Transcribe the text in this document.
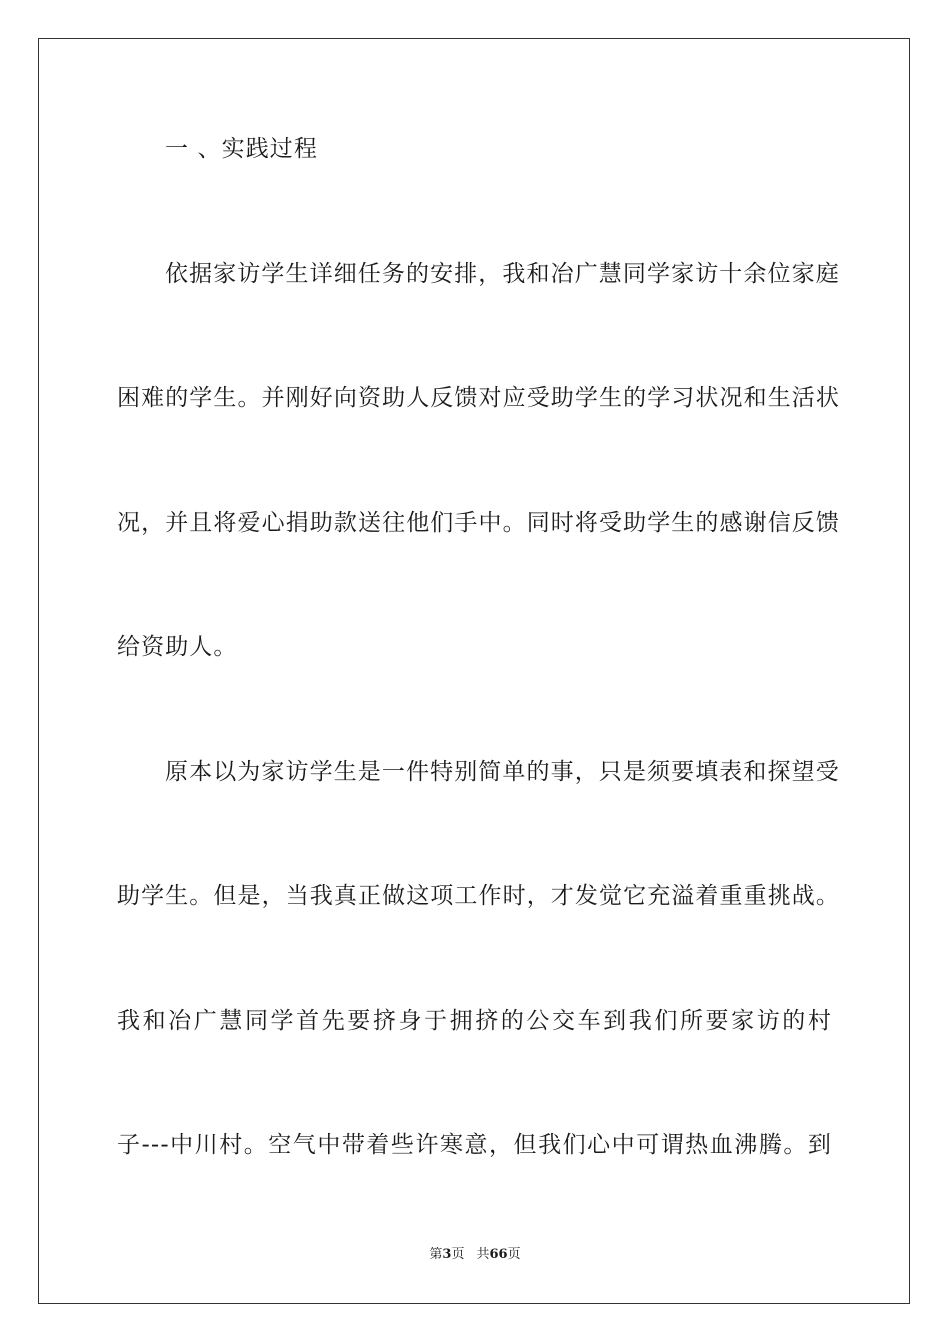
一 、实践过程
依据家访学生详细任务的安排，我和冶广慧同学家访十余位家庭
困难的学生。并刚好向资助人反馈对应受助学生的学习状况和生活状
况，并且将爱心捐助款送往他们手中。同时将受助学生的感谢信反馈
给资助人。
原本以为家访学生是一件特别简单的事，只是须要填表和探望受
助学生。但是，当我真正做这项工作时，才发觉它充溢着重重挑战。
我和冶广慧同学首先要挤身于拥挤的公交车到我们所要家访的村
子---中川村。空气中带着些许寒意，但我们心中可谓热血沸腾。到
第3页 共66页
